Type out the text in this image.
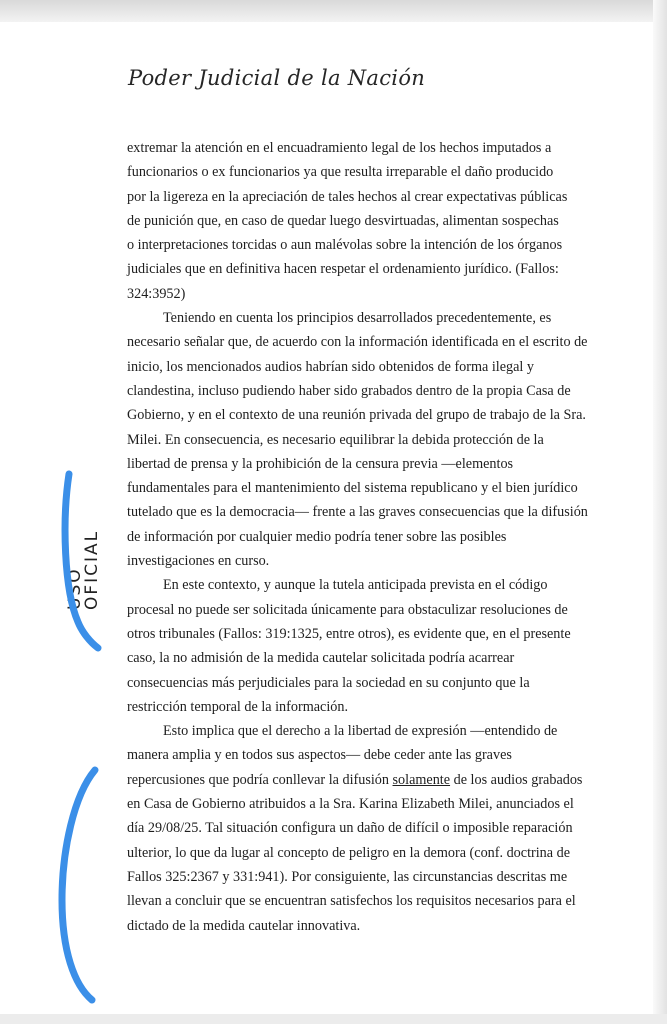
Poder Judicial de la Nación
USO
OFICIAL

extremar la atención en el encuadramiento legal de los hechos imputados a

funcionarios o ex funcionarios ya que resulta irreparable el daño producido

por la ligereza en la apreciación de tales hechos al crear expectativas públicas

de punición que, en caso de quedar luego desvirtuadas, alimentan sospechas

o interpretaciones torcidas o aun malévolas sobre la intención de los órganos

judiciales que en definitiva hacen respetar el ordenamiento jurídico. (Fallos:

324:3952)

Teniendo en cuenta los principios desarrollados precedentemente, es

necesario señalar que, de acuerdo con la información identificada en el escrito de

inicio, los mencionados audios habrían sido obtenidos de forma ilegal y

clandestina, incluso pudiendo haber sido grabados dentro de la propia Casa de

Gobierno, y en el contexto de una reunión privada del grupo de trabajo de la Sra.

Milei. En consecuencia, es necesario equilibrar la debida protección de la

libertad de prensa y la prohibición de la censura previa —elementos

fundamentales para el mantenimiento del sistema republicano y el bien jurídico

tutelado que es la democracia— frente a las graves consecuencias que la difusión

de información por cualquier medio podría tener sobre las posibles

investigaciones en curso.

En este contexto, y aunque la tutela anticipada prevista en el código

procesal no puede ser solicitada únicamente para obstaculizar resoluciones de

otros tribunales (Fallos: 319:1325, entre otros), es evidente que, en el presente

caso, la no admisión de la medida cautelar solicitada podría acarrear

consecuencias más perjudiciales para la sociedad en su conjunto que la

restricción temporal de la información.

Esto implica que el derecho a la libertad de expresión —entendido de

manera amplia y en todos sus aspectos— debe ceder ante las graves

repercusiones que podría conllevar la difusión solamente de los audios grabados

en Casa de Gobierno atribuidos a la Sra. Karina Elizabeth Milei, anunciados el

día 29/08/25. Tal situación configura un daño de difícil o imposible reparación

ulterior, lo que da lugar al concepto de peligro en la demora (conf. doctrina de

Fallos 325:2367 y 331:941). Por consiguiente, las circunstancias descritas me

llevan a concluir que se encuentran satisfechos los requisitos necesarios para el

dictado de la medida cautelar innovativa.
